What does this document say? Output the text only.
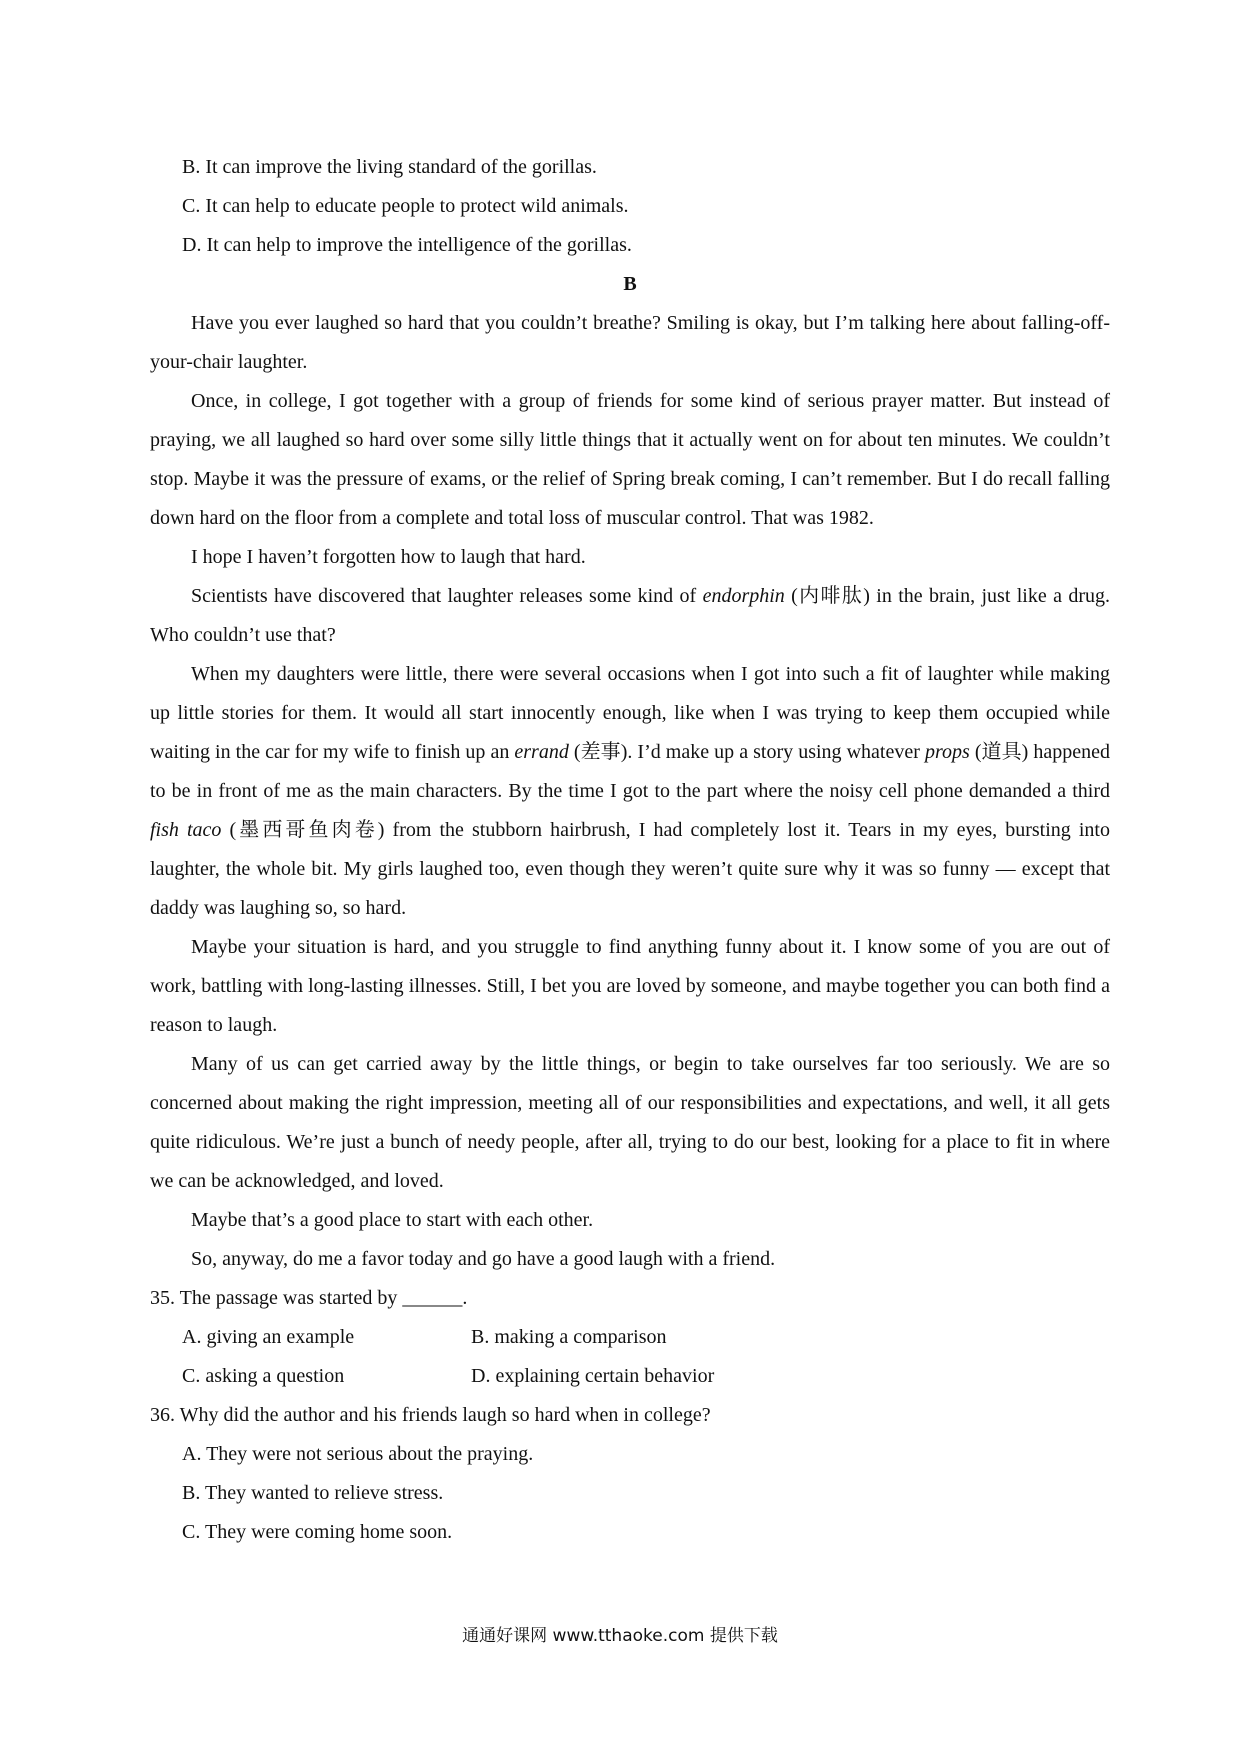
B. It can improve the living standard of the gorillas.

C. It can help to educate people to protect wild animals.

D. It can help to improve the intelligence of the gorillas.

B

Have you ever laughed so hard that you couldn’t breathe? Smiling is okay, but I’m talking here about falling-off-your-chair laughter.

Once, in college, I got together with a group of friends for some kind of serious prayer matter. But instead of praying, we all laughed so hard over some silly little things that it actually went on for about ten minutes. We couldn’t stop. Maybe it was the pressure of exams, or the relief of Spring break coming, I can’t remember. But I do recall falling down hard on the floor from a complete and total loss of muscular control. That was 1982.

I hope I haven’t forgotten how to laugh that hard.

Scientists have discovered that laughter releases some kind of endorphin (内啡肽) in the brain, just like a drug. Who couldn’t use that?

When my daughters were little, there were several occasions when I got into such a fit of laughter while making up little stories for them. It would all start innocently enough, like when I was trying to keep them occupied while waiting in the car for my wife to finish up an errand (差事). I’d make up a story using whatever props (道具) happened to be in front of me as the main characters. By the time I got to the part where the noisy cell phone demanded a third fish taco (墨西哥鱼肉卷) from the stubborn hairbrush, I had completely lost it. Tears in my eyes, bursting into laughter, the whole bit. My girls laughed too, even though they weren’t quite sure why it was so funny — except that daddy was laughing so, so hard.

Maybe your situation is hard, and you struggle to find anything funny about it. I know some of you are out of work, battling with long-lasting illnesses. Still, I bet you are loved by someone, and maybe together you can both find a reason to laugh.

Many of us can get carried away by the little things, or begin to take ourselves far too seriously. We are so concerned about making the right impression, meeting all of our responsibilities and expectations, and well, it all gets quite ridiculous. We’re just a bunch of needy people, after all, trying to do our best, looking for a place to fit in where we can be acknowledged, and loved.

Maybe that’s a good place to start with each other.

So, anyway, do me a favor today and go have a good laugh with a friend.

35. The passage was started by ______.

A. giving an example	B. making a comparison
C. asking a question	D. explaining certain behavior

36. Why did the author and his friends laugh so hard when in college?

A. They were not serious about the praying.

B. They wanted to relieve stress.

C. They were coming home soon.

通通好课网 www.tthaoke.com 提供下载
